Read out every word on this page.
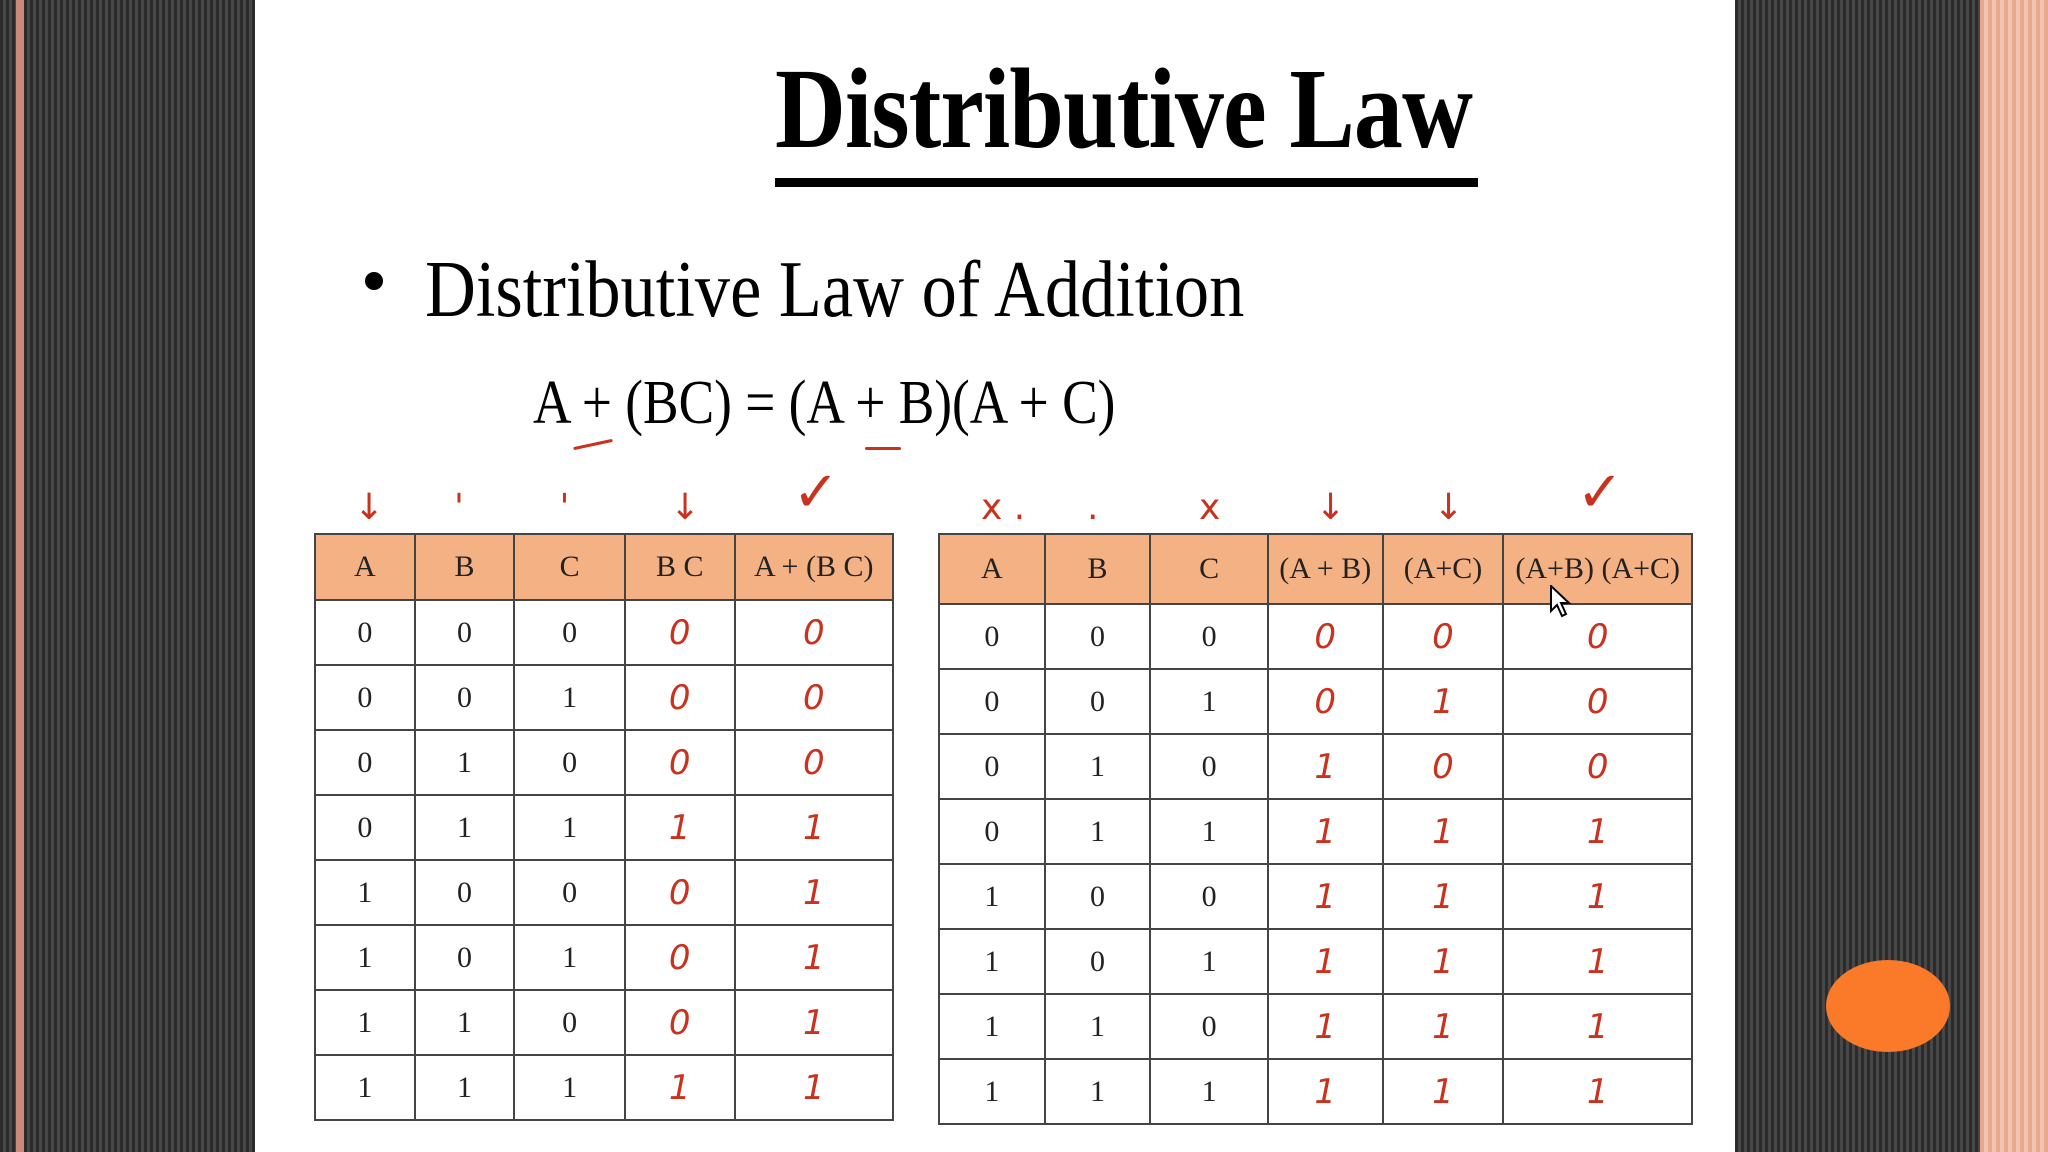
Distributive Law
Distributive Law of Addition
A + (BC) = (A + B)(A + C)
↓ '	'	↓ ✓	x . .	x	↓ ↓ ✓
A	B	C	B C	A + (B C)
0	0	0	0	0
0	0	1	0	0
0	1	0	0	0
0	1	1	1	1
1	0	0	0	1
1	0	1	0	1
1	1	0	0	1
1	1	1	1	1
A	B	C	(A + B)	(A+C)	(A+B) (A+C)
0	0	0	0	0	0
0	0	1	0	1	0
0	1	0	1	0	0
0	1	1	1	1	1
1	0	0	1	1	1
1	0	1	1	1	1
1	1	0	1	1	1
1	1	1	1	1	1
